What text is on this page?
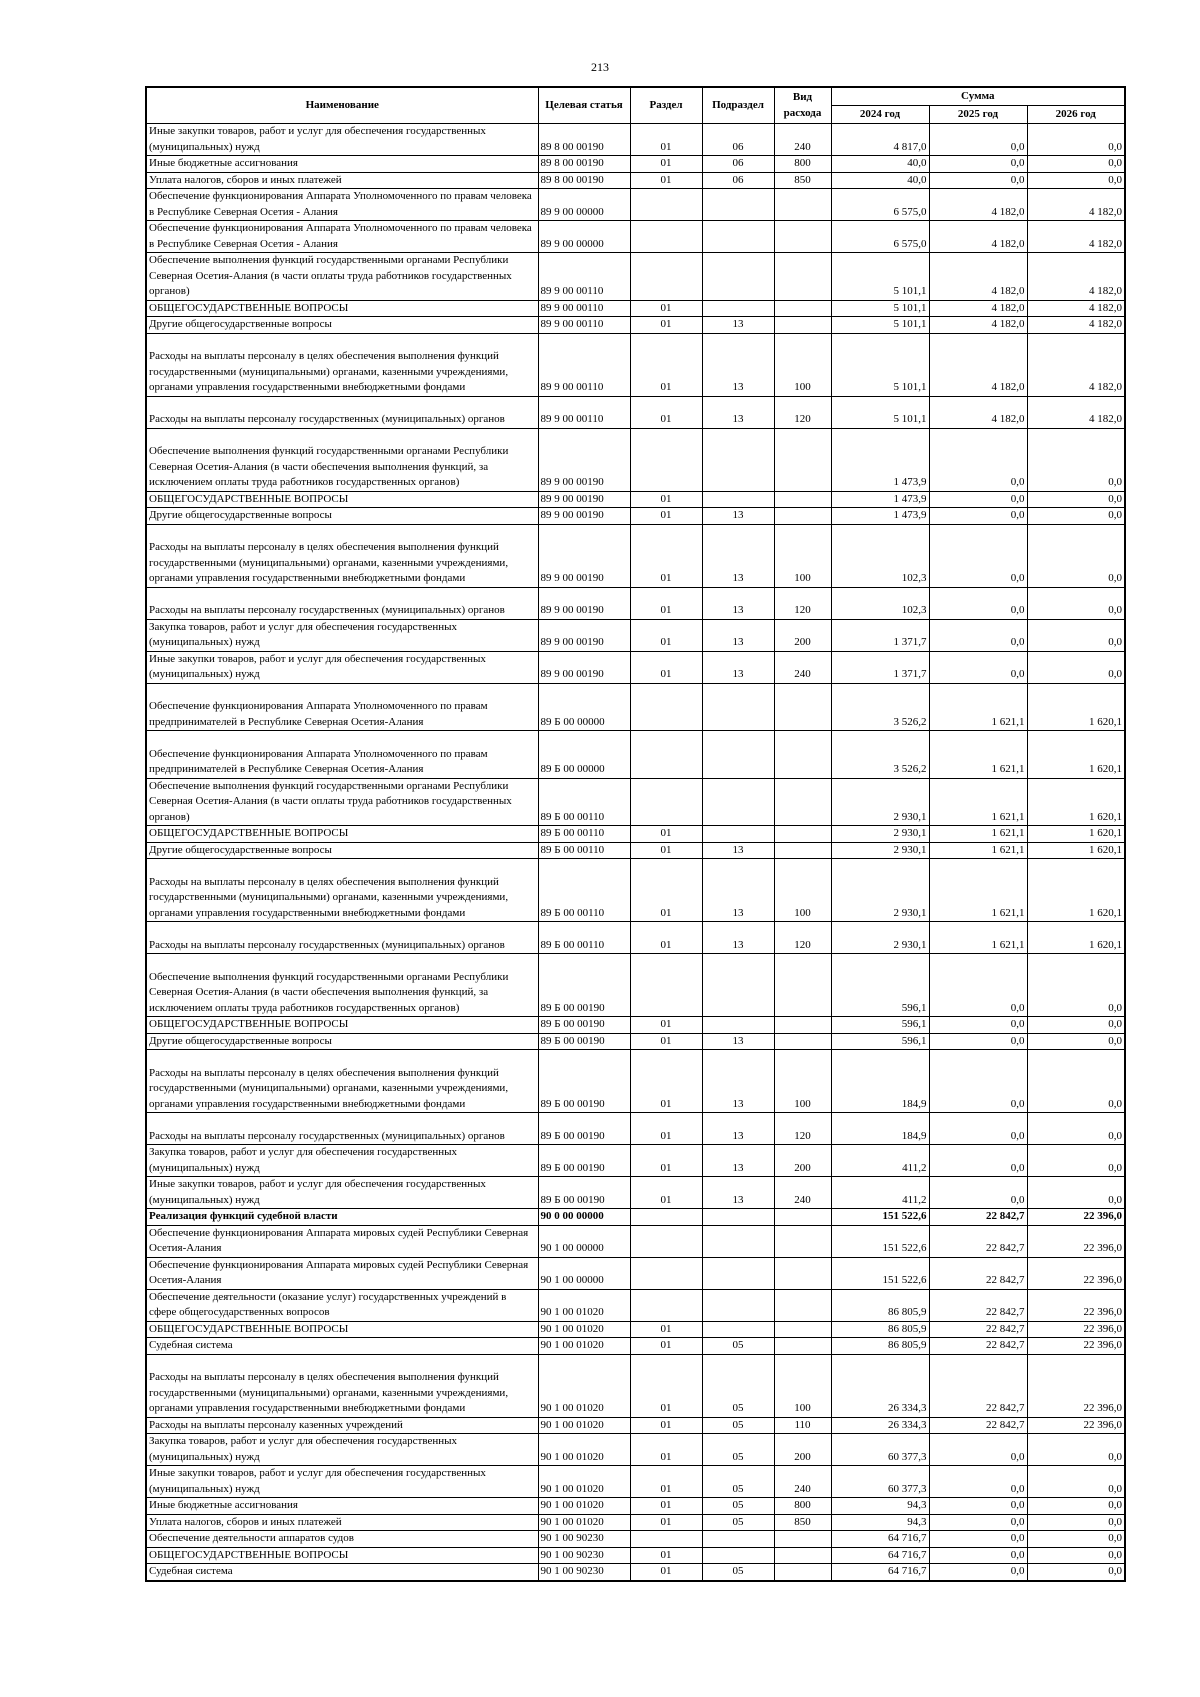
213
Наименование	Целевая статья	Раздел	Подраздел	Вид расхода	Сумма		
					2024 год	2025 год	2026 год
Иные закупки товаров, работ и услуг для обеспечения государственных (муниципальных) нужд	89 8 00 00190	01	06	240	4 817,0	0,0	0,0
Иные бюджетные ассигнования	89 8 00 00190	01	06	800	40,0	0,0	0,0
Уплата налогов, сборов и иных платежей	89 8 00 00190	01	06	850	40,0	0,0	0,0
Обеспечение функционирования Аппарата Уполномоченного по правам человека в Республике Северная Осетия - Алания	89 9 00 00000				6 575,0	4 182,0	4 182,0
Обеспечение функционирования Аппарата Уполномоченного по правам человека в Республике Северная Осетия - Алания	89 9 00 00000				6 575,0	4 182,0	4 182,0
Обеспечение выполнения функций государственными органами Республики Северная Осетия-Алания (в части оплаты труда работников государственных органов)	89 9 00 00110				5 101,1	4 182,0	4 182,0
ОБЩЕГОСУДАРСТВЕННЫЕ ВОПРОСЫ	89 9 00 00110	01			5 101,1	4 182,0	4 182,0
Другие общегосударственные вопросы	89 9 00 00110	01	13		5 101,1	4 182,0	4 182,0
Расходы на выплаты персоналу в целях обеспечения выполнения функций государственными (муниципальными) органами, казенными учреждениями, органами управления государственными внебюджетными фондами	89 9 00 00110	01	13	100	5 101,1	4 182,0	4 182,0
Расходы на выплаты персоналу государственных (муниципальных) органов	89 9 00 00110	01	13	120	5 101,1	4 182,0	4 182,0
Обеспечение выполнения функций государственными органами Республики Северная Осетия-Алания (в части обеспечения выполнения функций, за исключением оплаты труда работников государственных органов)	89 9 00 00190				1 473,9	0,0	0,0
ОБЩЕГОСУДАРСТВЕННЫЕ ВОПРОСЫ	89 9 00 00190	01			1 473,9	0,0	0,0
Другие общегосударственные вопросы	89 9 00 00190	01	13		1 473,9	0,0	0,0
Расходы на выплаты персоналу в целях обеспечения выполнения функций государственными (муниципальными) органами, казенными учреждениями, органами управления государственными внебюджетными фондами	89 9 00 00190	01	13	100	102,3	0,0	0,0
Расходы на выплаты персоналу государственных (муниципальных) органов	89 9 00 00190	01	13	120	102,3	0,0	0,0
Закупка товаров, работ и услуг для обеспечения государственных (муниципальных) нужд	89 9 00 00190	01	13	200	1 371,7	0,0	0,0
Иные закупки товаров, работ и услуг для обеспечения государственных (муниципальных) нужд	89 9 00 00190	01	13	240	1 371,7	0,0	0,0
Обеспечение функционирования Аппарата Уполномоченного по правам предпринимателей в Республике Северная Осетия-Алания	89 Б 00 00000				3 526,2	1 621,1	1 620,1
Обеспечение функционирования Аппарата Уполномоченного по правам предпринимателей в Республике Северная Осетия-Алания	89 Б 00 00000				3 526,2	1 621,1	1 620,1
Обеспечение выполнения функций государственными органами Республики Северная Осетия-Алания (в части оплаты труда работников государственных органов)	89 Б 00 00110				2 930,1	1 621,1	1 620,1
ОБЩЕГОСУДАРСТВЕННЫЕ ВОПРОСЫ	89 Б 00 00110	01			2 930,1	1 621,1	1 620,1
Другие общегосударственные вопросы	89 Б 00 00110	01	13		2 930,1	1 621,1	1 620,1
Расходы на выплаты персоналу в целях обеспечения выполнения функций государственными (муниципальными) органами, казенными учреждениями, органами управления государственными внебюджетными фондами	89 Б 00 00110	01	13	100	2 930,1	1 621,1	1 620,1
Расходы на выплаты персоналу государственных (муниципальных) органов	89 Б 00 00110	01	13	120	2 930,1	1 621,1	1 620,1
Обеспечение выполнения функций государственными органами Республики Северная Осетия-Алания (в части обеспечения выполнения функций, за исключением оплаты труда работников государственных органов)	89 Б 00 00190				596,1	0,0	0,0
ОБЩЕГОСУДАРСТВЕННЫЕ ВОПРОСЫ	89 Б 00 00190	01			596,1	0,0	0,0
Другие общегосударственные вопросы	89 Б 00 00190	01	13		596,1	0,0	0,0
Расходы на выплаты персоналу в целях обеспечения выполнения функций государственными (муниципальными) органами, казенными учреждениями, органами управления государственными внебюджетными фондами	89 Б 00 00190	01	13	100	184,9	0,0	0,0
Расходы на выплаты персоналу государственных (муниципальных) органов	89 Б 00 00190	01	13	120	184,9	0,0	0,0
Закупка товаров, работ и услуг для обеспечения государственных (муниципальных) нужд	89 Б 00 00190	01	13	200	411,2	0,0	0,0
Иные закупки товаров, работ и услуг для обеспечения государственных (муниципальных) нужд	89 Б 00 00190	01	13	240	411,2	0,0	0,0
Реализация функций судебной власти	90 0 00 00000				151 522,6	22 842,7	22 396,0
Обеспечение функционирования Аппарата мировых судей Республики Северная Осетия-Алания	90 1 00 00000				151 522,6	22 842,7	22 396,0
Обеспечение функционирования Аппарата мировых судей Республики Северная Осетия-Алания	90 1 00 00000				151 522,6	22 842,7	22 396,0
Обеспечение деятельности (оказание услуг) государственных учреждений в сфере общегосударственных вопросов	90 1 00 01020				86 805,9	22 842,7	22 396,0
ОБЩЕГОСУДАРСТВЕННЫЕ ВОПРОСЫ	90 1 00 01020	01			86 805,9	22 842,7	22 396,0
Судебная система	90 1 00 01020	01	05		86 805,9	22 842,7	22 396,0
Расходы на выплаты персоналу в целях обеспечения выполнения функций государственными (муниципальными) органами, казенными учреждениями, органами управления государственными внебюджетными фондами	90 1 00 01020	01	05	100	26 334,3	22 842,7	22 396,0
Расходы на выплаты персоналу казенных учреждений	90 1 00 01020	01	05	110	26 334,3	22 842,7	22 396,0
Закупка товаров, работ и услуг для обеспечения государственных (муниципальных) нужд	90 1 00 01020	01	05	200	60 377,3	0,0	0,0
Иные закупки товаров, работ и услуг для обеспечения государственных (муниципальных) нужд	90 1 00 01020	01	05	240	60 377,3	0,0	0,0
Иные бюджетные ассигнования	90 1 00 01020	01	05	800	94,3	0,0	0,0
Уплата налогов, сборов и иных платежей	90 1 00 01020	01	05	850	94,3	0,0	0,0
Обеспечение деятельности аппаратов судов	90 1 00 90230				64 716,7	0,0	0,0
ОБЩЕГОСУДАРСТВЕННЫЕ ВОПРОСЫ	90 1 00 90230	01			64 716,7	0,0	0,0
Судебная система	90 1 00 90230	01	05		64 716,7	0,0	0,0
